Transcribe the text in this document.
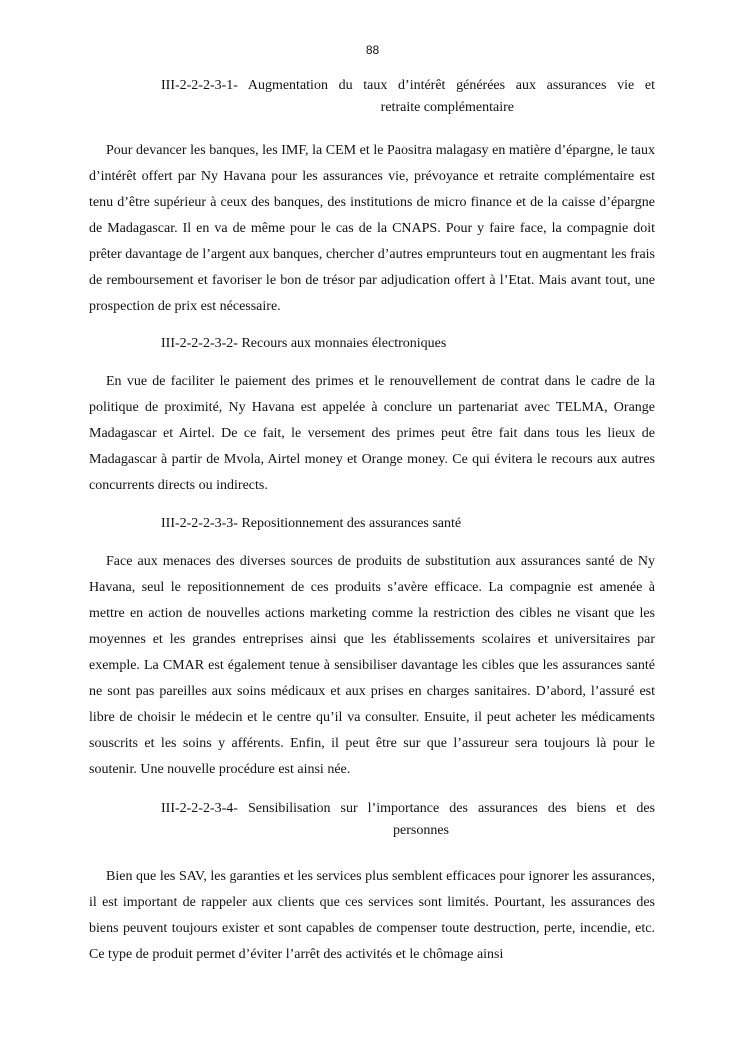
88
III-2-2-2-3-1- Augmentation du taux d’intérêt générées aux assurances vie et
retraite complémentaire

Pour devancer les banques, les IMF, la CEM et le Paositra malagasy en matière d’épargne, le taux d’intérêt offert par Ny Havana pour les assurances vie, prévoyance et retraite complémentaire est tenu d’être supérieur à ceux des banques, des institutions de micro finance et de la caisse d’épargne de Madagascar. Il en va de même pour le cas de la CNAPS. Pour y faire face, la compagnie doit prêter davantage de l’argent aux banques, chercher d’autres emprunteurs tout en augmentant les frais de remboursement et favoriser le bon de trésor par adjudication offert à l’Etat. Mais avant tout, une prospection de prix est nécessaire.

III-2-2-2-3-2- Recours aux monnaies électroniques

En vue de faciliter le paiement des primes et le renouvellement de contrat dans le cadre de la politique de proximité, Ny Havana est appelée à conclure un partenariat avec TELMA, Orange Madagascar et Airtel. De ce fait, le versement des primes peut être fait dans tous les lieux de Madagascar à partir de Mvola, Airtel money et Orange money. Ce qui évitera le recours aux autres concurrents directs ou indirects.

III-2-2-2-3-3- Repositionnement des assurances santé

Face aux menaces des diverses sources de produits de substitution aux assurances santé de Ny Havana, seul le repositionnement de ces produits s’avère efficace. La compagnie est amenée à mettre en action de nouvelles actions marketing comme la restriction des cibles ne visant que les moyennes et les grandes entreprises ainsi que les établissements scolaires et universitaires par exemple. La CMAR est également tenue à sensibiliser davantage les cibles que les assurances santé ne sont pas pareilles aux soins médicaux et aux prises en charges sanitaires. D’abord, l’assuré est libre de choisir le médecin et le centre qu’il va consulter. Ensuite, il peut acheter les médicaments souscrits et les soins y afférents. Enfin, il peut être sur que l’assureur sera toujours là pour le soutenir. Une nouvelle procédure est ainsi née.

III-2-2-2-3-4- Sensibilisation sur l’importance des assurances des biens et des
personnes

Bien que les SAV, les garanties et les services plus semblent efficaces pour ignorer les assurances, il est important de rappeler aux clients que ces services sont limités. Pourtant, les assurances des biens peuvent toujours exister et sont capables de compenser toute destruction, perte, incendie, etc. Ce type de produit permet d’éviter l’arrêt des activités et le chômage ainsi
